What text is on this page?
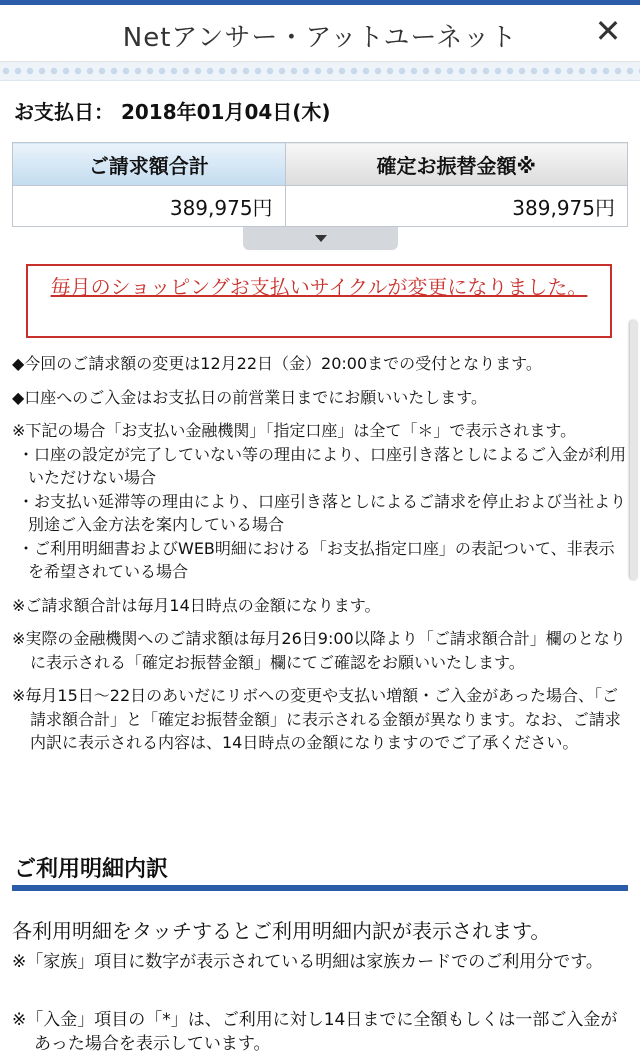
Netアンサー・アットユーネット	✕
お支払日： 2018年01月04日(木)
ご請求額合計	確定お振替金額※
389,975円	389,975円
毎月のショッピングお支払いサイクルが変更になりました。

◆今回のご請求額の変更は12月22日（金）20:00までの受付となります。

◆口座へのご入金はお支払日の前営業日までにお願いいたします。

※下記の場合「お支払い金融機関」「指定口座」は全て「＊」で表示されます。

・口座の設定が完了していない等の理由により、口座引き落としによるご入金が利用いただけない場合

・お支払い延滞等の理由により、口座引き落としによるご請求を停止および当社より別途ご入金方法を案内している場合

・ご利用明細書およびWEB明細における「お支払指定口座」の表記ついて、非表示を希望されている場合

※ご請求額合計は毎月14日時点の金額になります。

※実際の金融機関へのご請求額は毎月26日9:00以降より「ご請求額合計」欄のとなりに表示される「確定お振替金額」欄にてご確認をお願いいたします。

※毎月15日～22日のあいだにリボへの変更や支払い増額・ご入金があった場合、「ご請求額合計」と「確定お振替金額」に表示される金額が異なります。なお、ご請求内訳に表示される内容は、14日時点の金額になりますのでご了承ください。

ご利用明細内訳
各利用明細をタッチするとご利用明細内訳が表示されます。
※「家族」項目に数字が表示されている明細は家族カードでのご利用分です。
※「入金」項目の「*」は、ご利用に対し14日までに全額もしくは一部ご入金があった場合を表示しています。
